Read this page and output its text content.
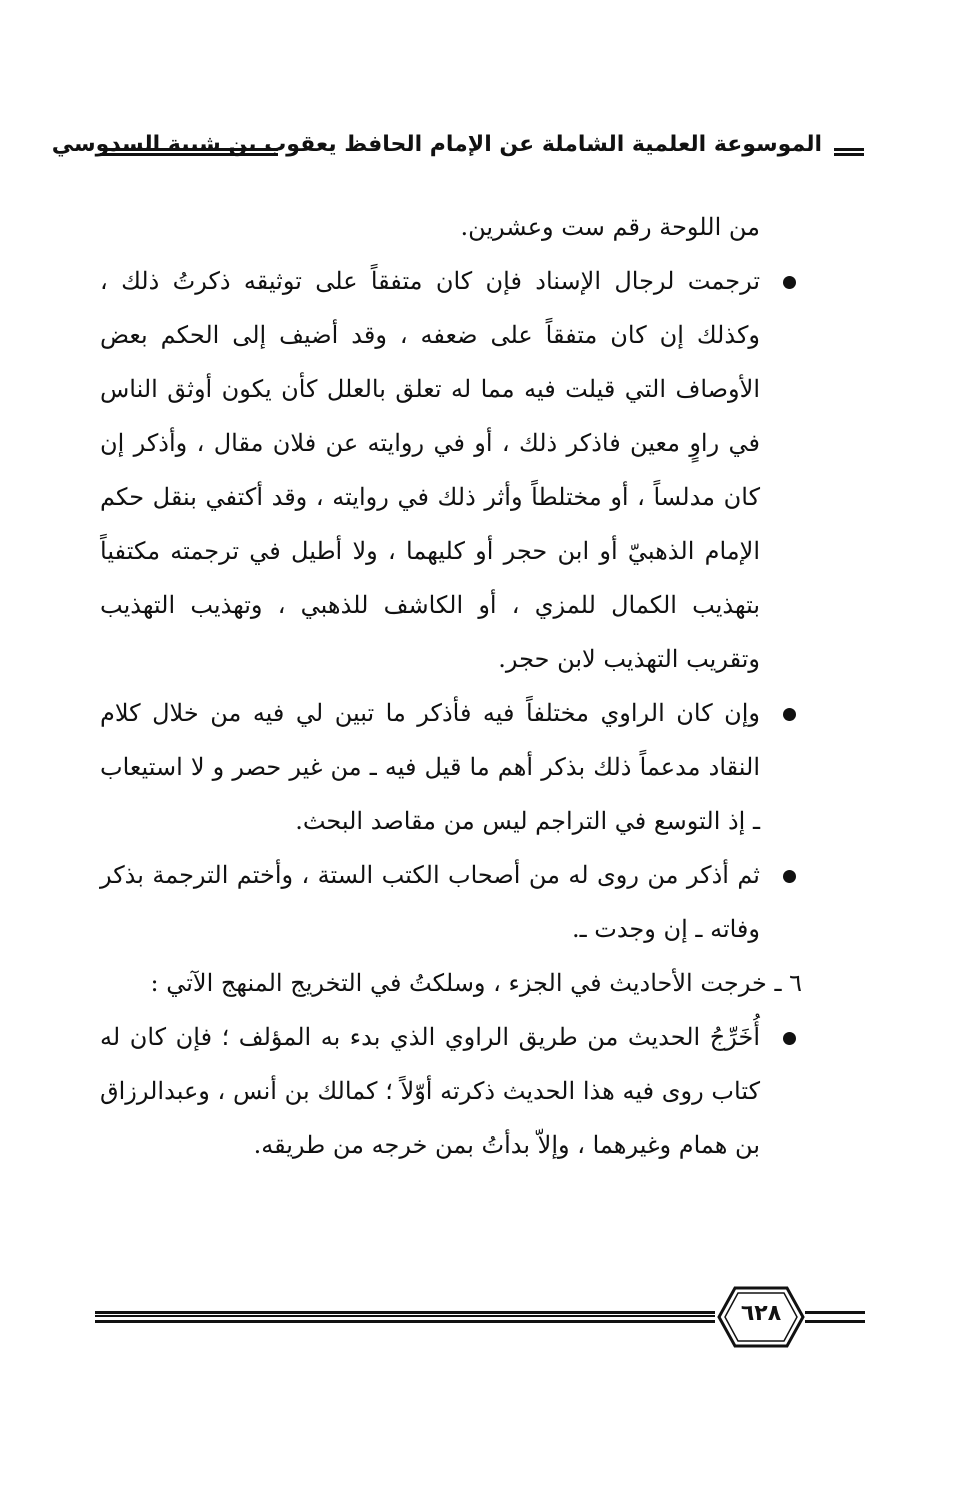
الموسوعة العلمية الشاملة عن الإمام الحافظ يعقوب بن شيبة السدوسي

من اللوحة رقم ست وعشرين.

ترجمت لرجال الإسناد فإن كان متفقاً على توثيقه ذكرتُ ذلك ، وكذلك إن كان متفقاً على ضعفه ، وقد أضيف إلى الحكم بعض الأوصاف التي قيلت فيه مما له تعلق بالعلل كأن يكون أوثق الناس في راوٍ معين فاذكر ذلك ، أو في روايته عن فلان مقال ، وأذكر إن كان مدلساً ، أو مختلطاً وأثر ذلك في روايته ، وقد أكتفي بنقل حكم الإمام الذهبيّ أو ابن حجر أو كليهما ، ولا أطيل في ترجمته مكتفياً بتهذيب الكمال للمزي ، أو الكاشف للذهبي ، وتهذيب التهذيب وتقريب التهذيب لابن حجر.
وإن كان الراوي مختلفاً فيه فأذكر ما تبين لي فيه من خلال كلام النقاد مدعماً ذلك بذكر أهم ما قيل فيه ـ من غير حصر و لا استيعاب ـ إذ التوسع في التراجم ليس من مقاصد البحث.
ثم أذكر من روى له من أصحاب الكتب الستة ، وأختم الترجمة بذكر وفاته ـ إن وجدت ـ.

٦ ـ خرجت الأحاديث في الجزء ، وسلكتُ في التخريج المنهج الآتي :

أُخَرِّجُ الحديث من طريق الراوي الذي بدء به المؤلف ؛ فإن كان له كتاب روى فيه هذا الحديث ذكرته أوّلاً ؛ كمالك بن أنس ، وعبدالرزاق بن همام وغيرهما ، وإلاّ بدأتُ بمن خرجه من طريقه.
٦٢٨
